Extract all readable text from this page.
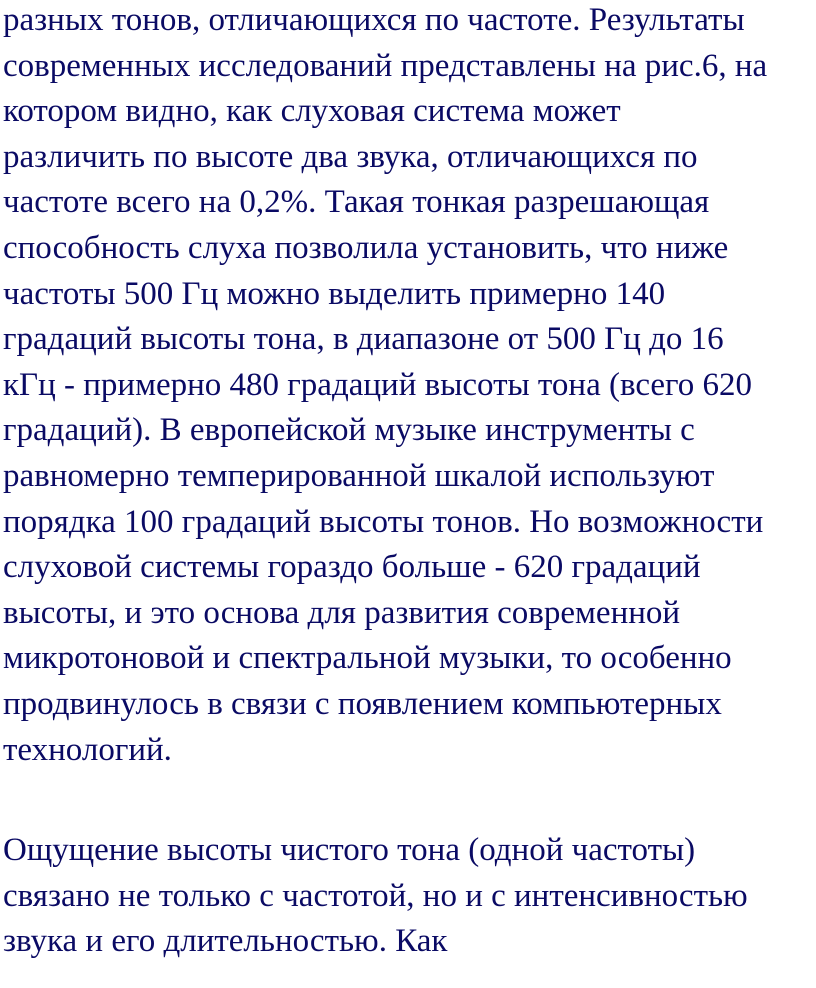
разных тонов, отличающихся по частоте. Результаты
современных исследований представлены на рис.6, на
котором видно, как слуховая система может
различить по высоте два звука, отличающихся по
частоте всего на 0,2%. Такая тонкая разрешающая
способность слуха позволила установить, что ниже
частоты 500 Гц можно выделить примерно 140
градаций высоты тона, в диапазоне от 500 Гц до 16
кГц - примерно 480 градаций высоты тона (всего 620
градаций). В европейской музыке инструменты с
равномерно темперированной шкалой используют
порядка 100 градаций высоты тонов. Но возможности
слуховой системы гораздо больше - 620 градаций
высоты, и это основа для развития современной
микротоновой и спектральной музыки, то особенно
продвинулось в связи с появлением компьютерных
технологий.

Ощущение высоты чистого тона (одной частоты)
связано не только с частотой, но и с интенсивностью
звука и его длительностью. Как
